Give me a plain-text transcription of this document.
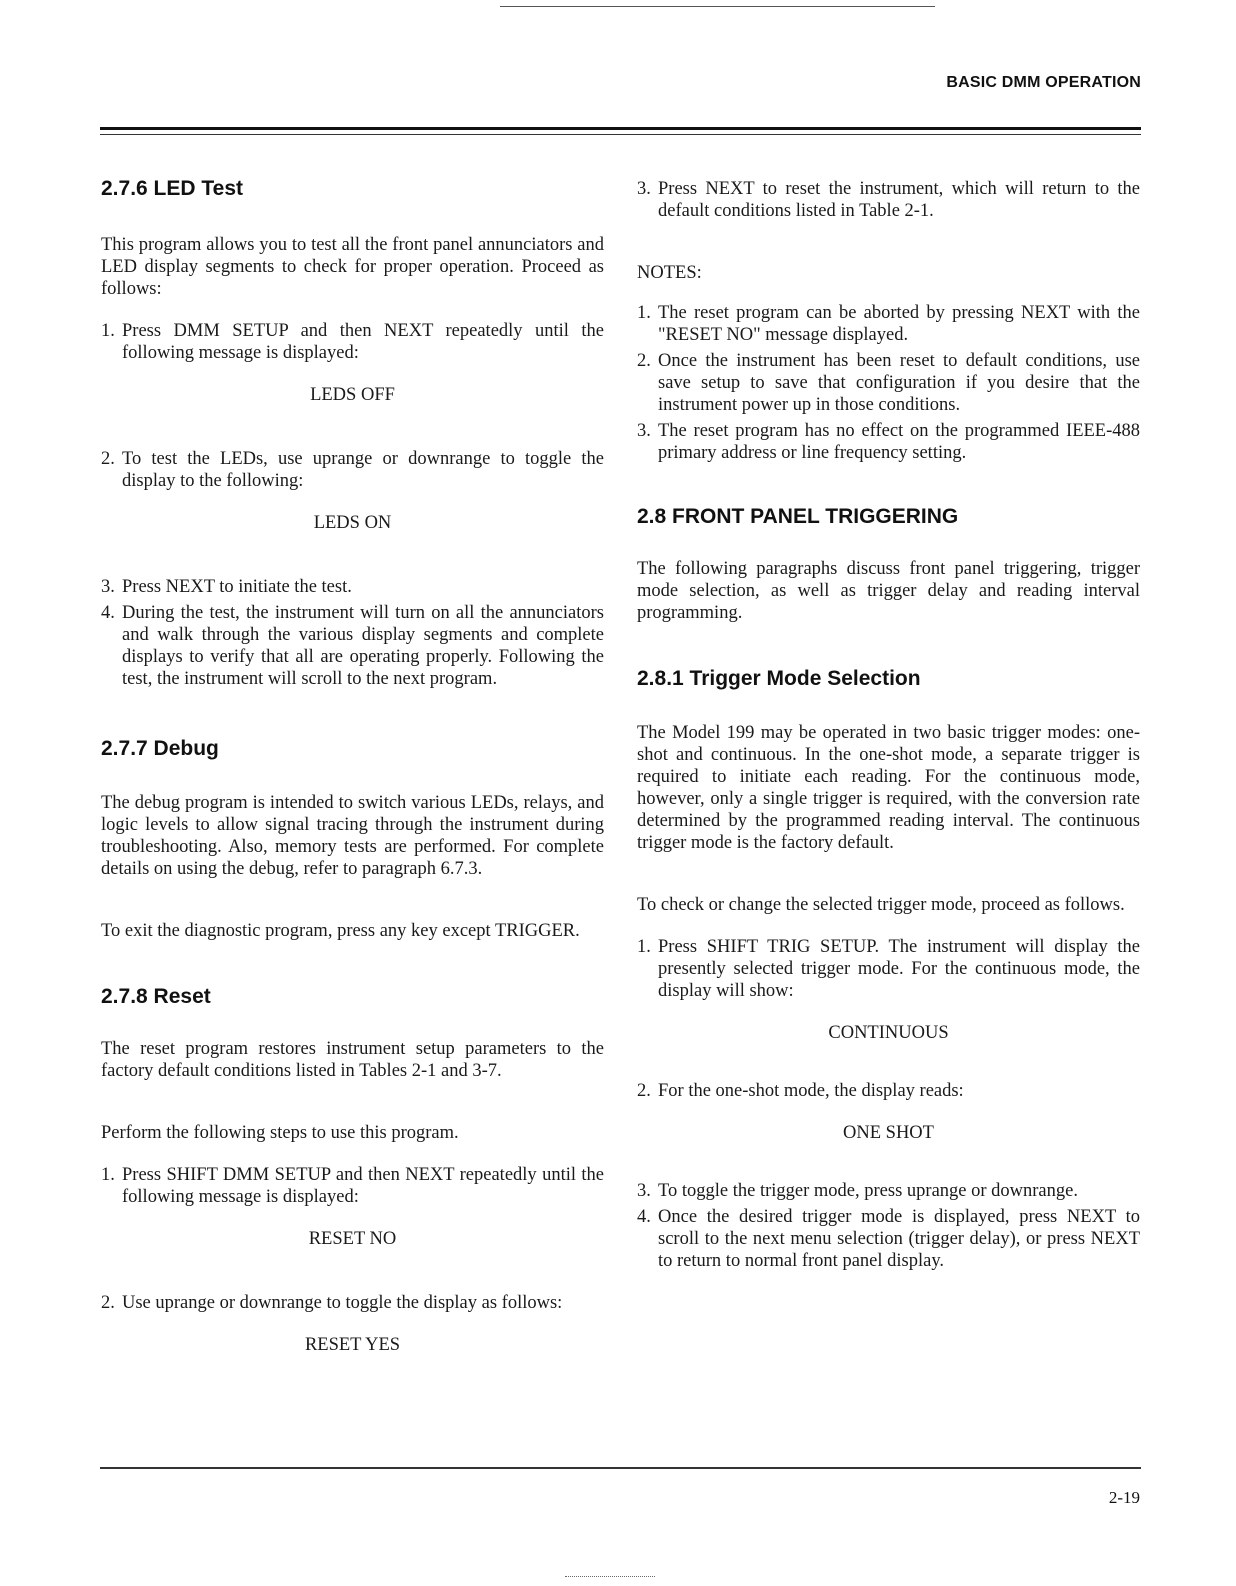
BASIC DMM OPERATION
2.7.6 LED Test

This program allows you to test all the front panel annunciators and LED display segments to check for proper operation. Proceed as follows:

1. Press DMM SETUP and then NEXT repeatedly until the following message is displayed:

LEDS OFF

2. To test the LEDs, use uprange or downrange to toggle the display to the following:

LEDS ON

3. Press NEXT to initiate the test.
4. During the test, the instrument will turn on all the annunciators and walk through the various display segments and complete displays to verify that all are operating properly. Following the test, the instrument will scroll to the next program.
2.7.7 Debug

The debug program is intended to switch various LEDs, relays, and logic levels to allow signal tracing through the instrument during troubleshooting. Also, memory tests are performed. For complete details on using the debug, refer to paragraph 6.7.3.

To exit the diagnostic program, press any key except TRIGGER.

2.7.8 Reset

The reset program restores instrument setup parameters to the factory default conditions listed in Tables 2-1 and 3-7.

Perform the following steps to use this program.

1. Press SHIFT DMM SETUP and then NEXT repeatedly until the following message is displayed:

RESET NO

2. Use uprange or downrange to toggle the display as follows:

RESET YES

3. Press NEXT to reset the instrument, which will return to the default conditions listed in Table 2-1.

NOTES:

1. The reset program can be aborted by pressing NEXT with the "RESET NO" message displayed.
2. Once the instrument has been reset to default conditions, use save setup to save that configuration if you desire that the instrument power up in those conditions.
3. The reset program has no effect on the programmed IEEE-488 primary address or line frequency setting.
2.8 FRONT PANEL TRIGGERING

The following paragraphs discuss front panel triggering, trigger mode selection, as well as trigger delay and reading interval programming.

2.8.1 Trigger Mode Selection

The Model 199 may be operated in two basic trigger modes: one-shot and continuous. In the one-shot mode, a separate trigger is required to initiate each reading. For the continuous mode, however, only a single trigger is required, with the conversion rate determined by the programmed reading interval. The continuous trigger mode is the factory default.

To check or change the selected trigger mode, proceed as follows.

1. Press SHIFT TRIG SETUP. The instrument will display the presently selected trigger mode. For the continuous mode, the display will show:

CONTINUOUS

2. For the one-shot mode, the display reads:

ONE SHOT

3. To toggle the trigger mode, press uprange or downrange.
4. Once the desired trigger mode is displayed, press NEXT to scroll to the next menu selection (trigger delay), or press NEXT to return to normal front panel display.
2-19
